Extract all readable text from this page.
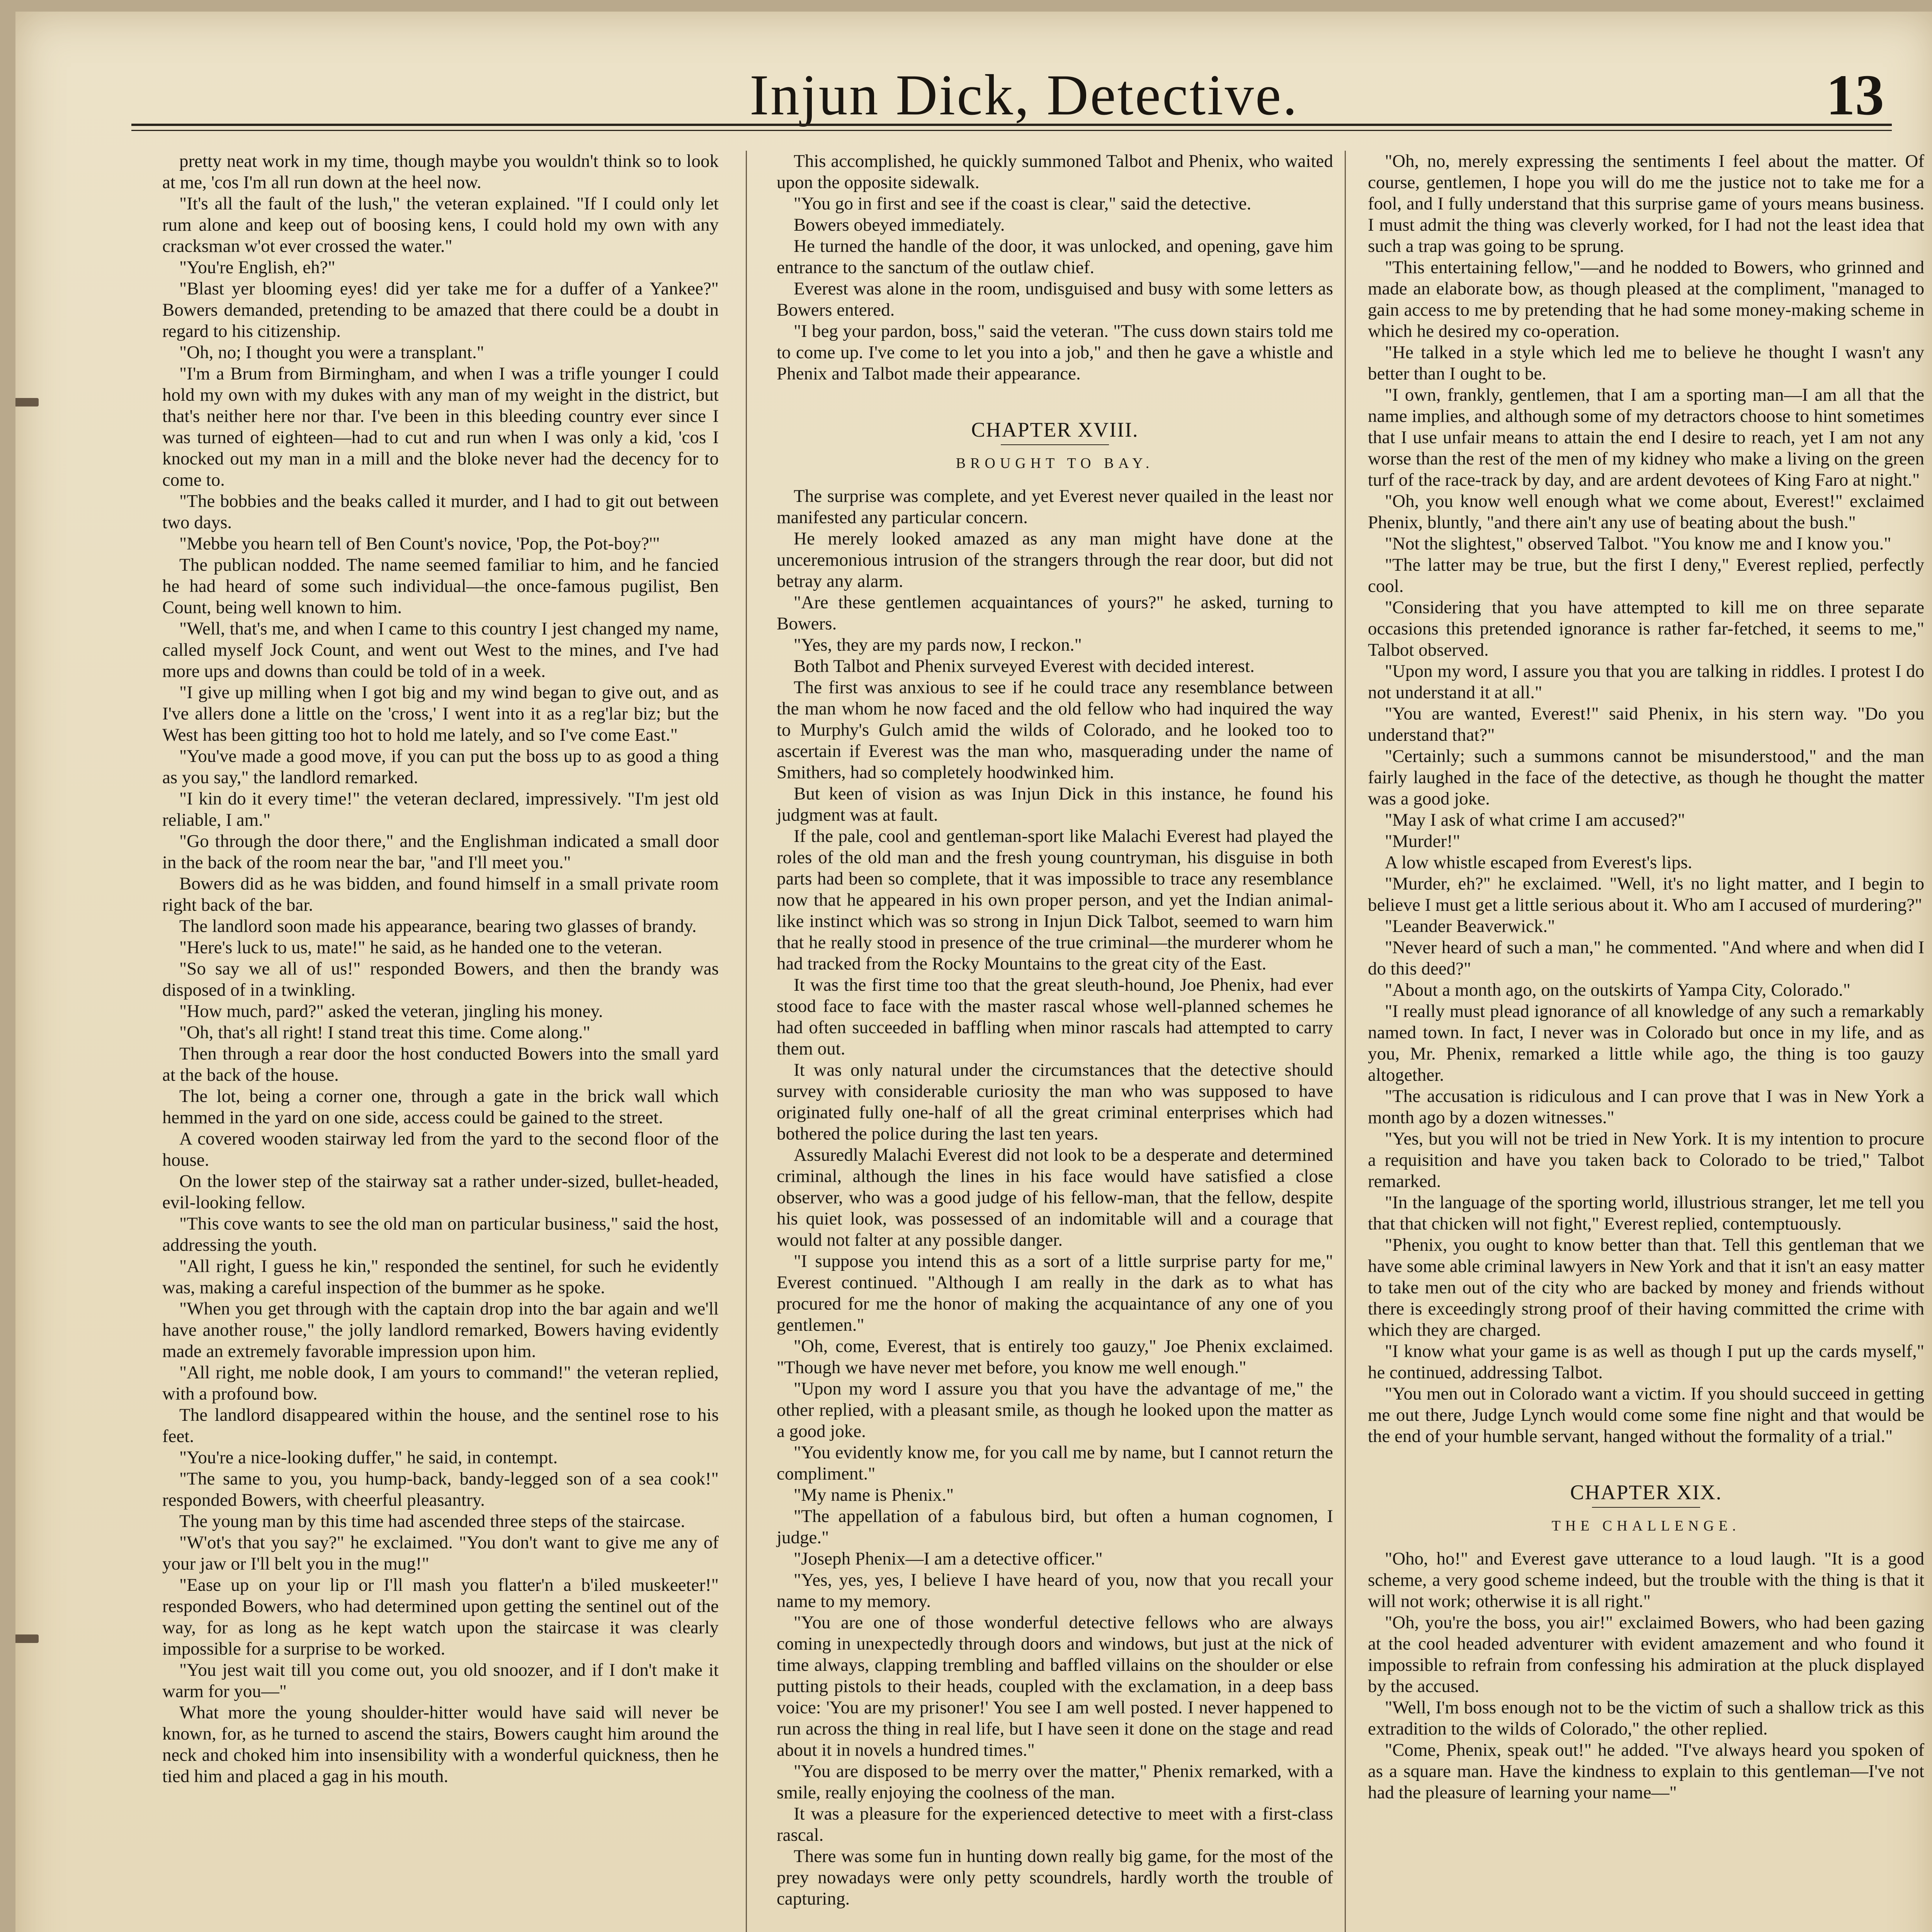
Injun Dick, Detective.	13

pretty neat work in my time, though maybe you wouldn't think so to look at me, 'cos I'm all run down at the heel now.

"It's all the fault of the lush," the veteran explained. "If I could only let rum alone and keep out of boosing kens, I could hold my own with any cracksman w'ot ever crossed the water."

"You're English, eh?"

"Blast yer blooming eyes! did yer take me for a duffer of a Yankee?" Bowers demanded, pretending to be amazed that there could be a doubt in regard to his citizenship.

"Oh, no; I thought you were a transplant."

"I'm a Brum from Birmingham, and when I was a trifle younger I could hold my own with my dukes with any man of my weight in the district, but that's neither here nor thar. I've been in this bleeding country ever since I was turned of eighteen—had to cut and run when I was only a kid, 'cos I knocked out my man in a mill and the bloke never had the decency for to come to.

"The bobbies and the beaks called it murder, and I had to git out between two days.

"Mebbe you hearn tell of Ben Count's novice, 'Pop, the Pot-boy?'"

The publican nodded. The name seemed familiar to him, and he fancied he had heard of some such individual—the once-famous pugilist, Ben Count, being well known to him.

"Well, that's me, and when I came to this country I jest changed my name, called myself Jock Count, and went out West to the mines, and I've had more ups and downs than could be told of in a week.

"I give up milling when I got big and my wind began to give out, and as I've allers done a little on the 'cross,' I went into it as a reg'lar biz; but the West has been gitting too hot to hold me lately, and so I've come East."

"You've made a good move, if you can put the boss up to as good a thing as you say," the landlord remarked.

"I kin do it every time!" the veteran declared, impressively. "I'm jest old reliable, I am."

"Go through the door there," and the Englishman indicated a small door in the back of the room near the bar, "and I'll meet you."

Bowers did as he was bidden, and found himself in a small private room right back of the bar.

The landlord soon made his appearance, bearing two glasses of brandy.

"Here's luck to us, mate!" he said, as he handed one to the veteran.

"So say we all of us!" responded Bowers, and then the brandy was disposed of in a twinkling.

"How much, pard?" asked the veteran, jingling his money.

"Oh, that's all right! I stand treat this time. Come along."

Then through a rear door the host conducted Bowers into the small yard at the back of the house.

The lot, being a corner one, through a gate in the brick wall which hemmed in the yard on one side, access could be gained to the street.

A covered wooden stairway led from the yard to the second floor of the house.

On the lower step of the stairway sat a rather under-sized, bullet-headed, evil-looking fellow.

"This cove wants to see the old man on particular business," said the host, addressing the youth.

"All right, I guess he kin," responded the sentinel, for such he evidently was, making a careful inspection of the bummer as he spoke.

"When you get through with the captain drop into the bar again and we'll have another rouse," the jolly landlord remarked, Bowers having evidently made an extremely favorable impression upon him.

"All right, me noble dook, I am yours to command!" the veteran replied, with a profound bow.

The landlord disappeared within the house, and the sentinel rose to his feet.

"You're a nice-looking duffer," he said, in contempt.

"The same to you, you hump-back, bandy-legged son of a sea cook!" responded Bowers, with cheerful pleasantry.

The young man by this time had ascended three steps of the staircase.

"W'ot's that you say?" he exclaimed. "You don't want to give me any of your jaw or I'll belt you in the mug!"

"Ease up on your lip or I'll mash you flatter'n a b'iled muskeeter!" responded Bowers, who had determined upon getting the sentinel out of the way, for as long as he kept watch upon the staircase it was clearly impossible for a surprise to be worked.

"You jest wait till you come out, you old snoozer, and if I don't make it warm for you—"

What more the young shoulder-hitter would have said will never be known, for, as he turned to ascend the stairs, Bowers caught him around the neck and choked him into insensibility with a wonderful quickness, then he tied him and placed a gag in his mouth.

This accomplished, he quickly summoned Talbot and Phenix, who waited upon the opposite sidewalk.

"You go in first and see if the coast is clear," said the detective.

Bowers obeyed immediately.

He turned the handle of the door, it was unlocked, and opening, gave him entrance to the sanctum of the outlaw chief.

Everest was alone in the room, undisguised and busy with some letters as Bowers entered.

"I beg your pardon, boss," said the veteran. "The cuss down stairs told me to come up. I've come to let you into a job," and then he gave a whistle and Phenix and Talbot made their appearance.

CHAPTER XVIII.

BROUGHT TO BAY.

The surprise was complete, and yet Everest never quailed in the least nor manifested any particular concern.

He merely looked amazed as any man might have done at the unceremonious intrusion of the strangers through the rear door, but did not betray any alarm.

"Are these gentlemen acquaintances of yours?" he asked, turning to Bowers.

"Yes, they are my pards now, I reckon."

Both Talbot and Phenix surveyed Everest with decided interest.

The first was anxious to see if he could trace any resemblance between the man whom he now faced and the old fellow who had inquired the way to Murphy's Gulch amid the wilds of Colorado, and he looked too to ascertain if Everest was the man who, masquerading under the name of Smithers, had so completely hoodwinked him.

But keen of vision as was Injun Dick in this instance, he found his judgment was at fault.

If the pale, cool and gentleman-sport like Malachi Everest had played the roles of the old man and the fresh young countryman, his disguise in both parts had been so complete, that it was impossible to trace any resemblance now that he appeared in his own proper person, and yet the Indian animal-like instinct which was so strong in Injun Dick Talbot, seemed to warn him that he really stood in presence of the true criminal—the murderer whom he had tracked from the Rocky Mountains to the great city of the East.

It was the first time too that the great sleuth-hound, Joe Phenix, had ever stood face to face with the master rascal whose well-planned schemes he had often succeeded in baffling when minor rascals had attempted to carry them out.

It was only natural under the circumstances that the detective should survey with considerable curiosity the man who was supposed to have originated fully one-half of all the great criminal enterprises which had bothered the police during the last ten years.

Assuredly Malachi Everest did not look to be a desperate and determined criminal, although the lines in his face would have satisfied a close observer, who was a good judge of his fellow-man, that the fellow, despite his quiet look, was possessed of an indomitable will and a courage that would not falter at any possible danger.

"I suppose you intend this as a sort of a little surprise party for me," Everest continued. "Although I am really in the dark as to what has procured for me the honor of making the acquaintance of any one of you gentlemen."

"Oh, come, Everest, that is entirely too gauzy," Joe Phenix exclaimed. "Though we have never met before, you know me well enough."

"Upon my word I assure you that you have the advantage of me," the other replied, with a pleasant smile, as though he looked upon the matter as a good joke.

"You evidently know me, for you call me by name, but I cannot return the compliment."

"My name is Phenix."

"The appellation of a fabulous bird, but often a human cognomen, I judge."

"Joseph Phenix—I am a detective officer."

"Yes, yes, yes, I believe I have heard of you, now that you recall your name to my memory.

"You are one of those wonderful detective fellows who are always coming in unexpectedly through doors and windows, but just at the nick of time always, clapping trembling and baffled villains on the shoulder or else putting pistols to their heads, coupled with the exclamation, in a deep bass voice: 'You are my prisoner!' You see I am well posted. I never happened to run across the thing in real life, but I have seen it done on the stage and read about it in novels a hundred times."

"You are disposed to be merry over the matter," Phenix remarked, with a smile, really enjoying the coolness of the man.

It was a pleasure for the experienced detective to meet with a first-class rascal.

There was some fun in hunting down really big game, for the most of the prey nowadays were only petty scoundrels, hardly worth the trouble of capturing.

"Oh, no, merely expressing the sentiments I feel about the matter. Of course, gentlemen, I hope you will do me the justice not to take me for a fool, and I fully understand that this surprise game of yours means business. I must admit the thing was cleverly worked, for I had not the least idea that such a trap was going to be sprung.

"This entertaining fellow,"—and he nodded to Bowers, who grinned and made an elaborate bow, as though pleased at the compliment, "managed to gain access to me by pretending that he had some money-making scheme in which he desired my co-operation.

"He talked in a style which led me to believe he thought I wasn't any better than I ought to be.

"I own, frankly, gentlemen, that I am a sporting man—I am all that the name implies, and although some of my detractors choose to hint sometimes that I use unfair means to attain the end I desire to reach, yet I am not any worse than the rest of the men of my kidney who make a living on the green turf of the race-track by day, and are ardent devotees of King Faro at night."

"Oh, you know well enough what we come about, Everest!" exclaimed Phenix, bluntly, "and there ain't any use of beating about the bush."

"Not the slightest," observed Talbot. "You know me and I know you."

"The latter may be true, but the first I deny," Everest replied, perfectly cool.

"Considering that you have attempted to kill me on three separate occasions this pretended ignorance is rather far-fetched, it seems to me," Talbot observed.

"Upon my word, I assure you that you are talking in riddles. I protest I do not understand it at all."

"You are wanted, Everest!" said Phenix, in his stern way. "Do you understand that?"

"Certainly; such a summons cannot be misunderstood," and the man fairly laughed in the face of the detective, as though he thought the matter was a good joke.

"May I ask of what crime I am accused?"

"Murder!"

A low whistle escaped from Everest's lips.

"Murder, eh?" he exclaimed. "Well, it's no light matter, and I begin to believe I must get a little serious about it. Who am I accused of murdering?"

"Leander Beaverwick."

"Never heard of such a man," he commented. "And where and when did I do this deed?"

"About a month ago, on the outskirts of Yampa City, Colorado."

"I really must plead ignorance of all knowledge of any such a remarkably named town. In fact, I never was in Colorado but once in my life, and as you, Mr. Phenix, remarked a little while ago, the thing is too gauzy altogether.

"The accusation is ridiculous and I can prove that I was in New York a month ago by a dozen witnesses."

"Yes, but you will not be tried in New York. It is my intention to procure a requisition and have you taken back to Colorado to be tried," Talbot remarked.

"In the language of the sporting world, illustrious stranger, let me tell you that that chicken will not fight," Everest replied, contemptuously.

"Phenix, you ought to know better than that. Tell this gentleman that we have some able criminal lawyers in New York and that it isn't an easy matter to take men out of the city who are backed by money and friends without there is exceedingly strong proof of their having committed the crime with which they are charged.

"I know what your game is as well as though I put up the cards myself," he continued, addressing Talbot.

"You men out in Colorado want a victim. If you should succeed in getting me out there, Judge Lynch would come some fine night and that would be the end of your humble servant, hanged without the formality of a trial."

CHAPTER XIX.

THE CHALLENGE.

"Oho, ho!" and Everest gave utterance to a loud laugh. "It is a good scheme, a very good scheme indeed, but the trouble with the thing is that it will not work; otherwise it is all right."

"Oh, you're the boss, you air!" exclaimed Bowers, who had been gazing at the cool headed adventurer with evident amazement and who found it impossible to refrain from confessing his admiration at the pluck displayed by the accused.

"Well, I'm boss enough not to be the victim of such a shallow trick as this extradition to the wilds of Colorado," the other replied.

"Come, Phenix, speak out!" he added. "I've always heard you spoken of as a square man. Have the kindness to explain to this gentleman—I've not had the pleasure of learning your name—"
